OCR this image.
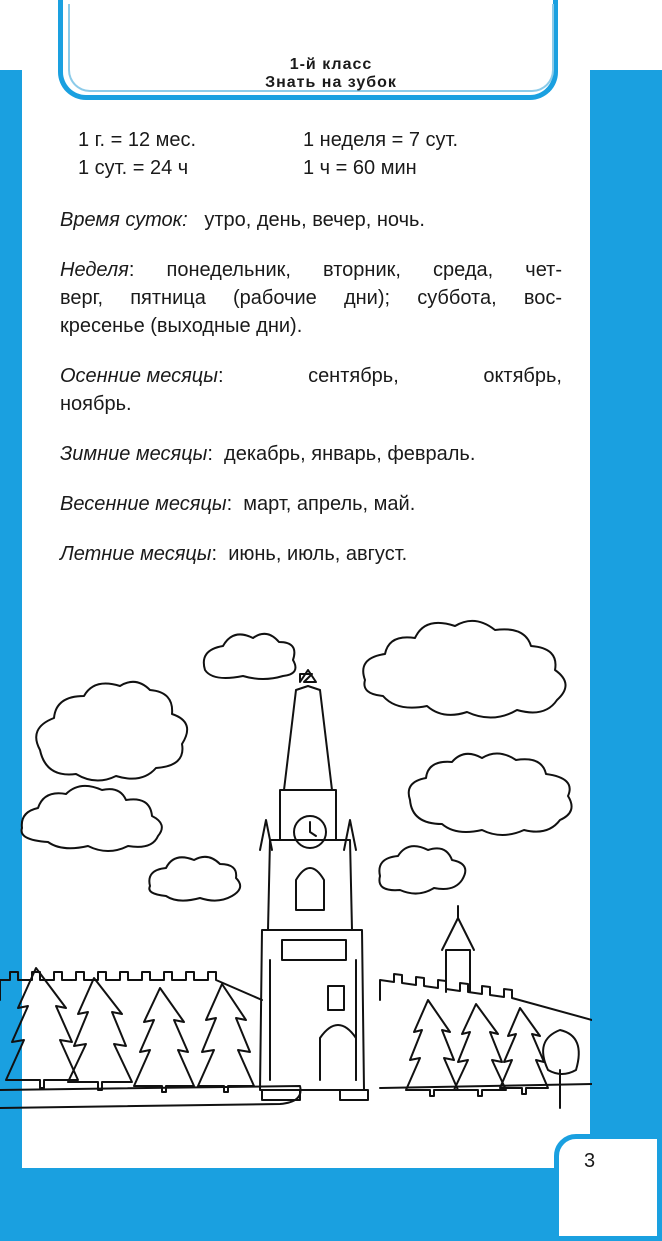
1-й класс
Знать на зубок
1 г. = 12 мес.	1 неделя = 7 сут.
1 сут. = 24 ч	1 ч = 60 мин
Время суток: утро, день, вечер, ночь.
Неделя: понедельник, вторник, среда, чет-
верг, пятница (рабочие дни); суббота, вос-
кресенье (выходные дни).
Осенние месяцы:	сентябрь,	октябрь,
ноябрь.
Зимние месяцы:  декабрь, январь, февраль.
Весенние месяцы:  март, апрель, май.
Летние месяцы:  июнь, июль, август.
3
